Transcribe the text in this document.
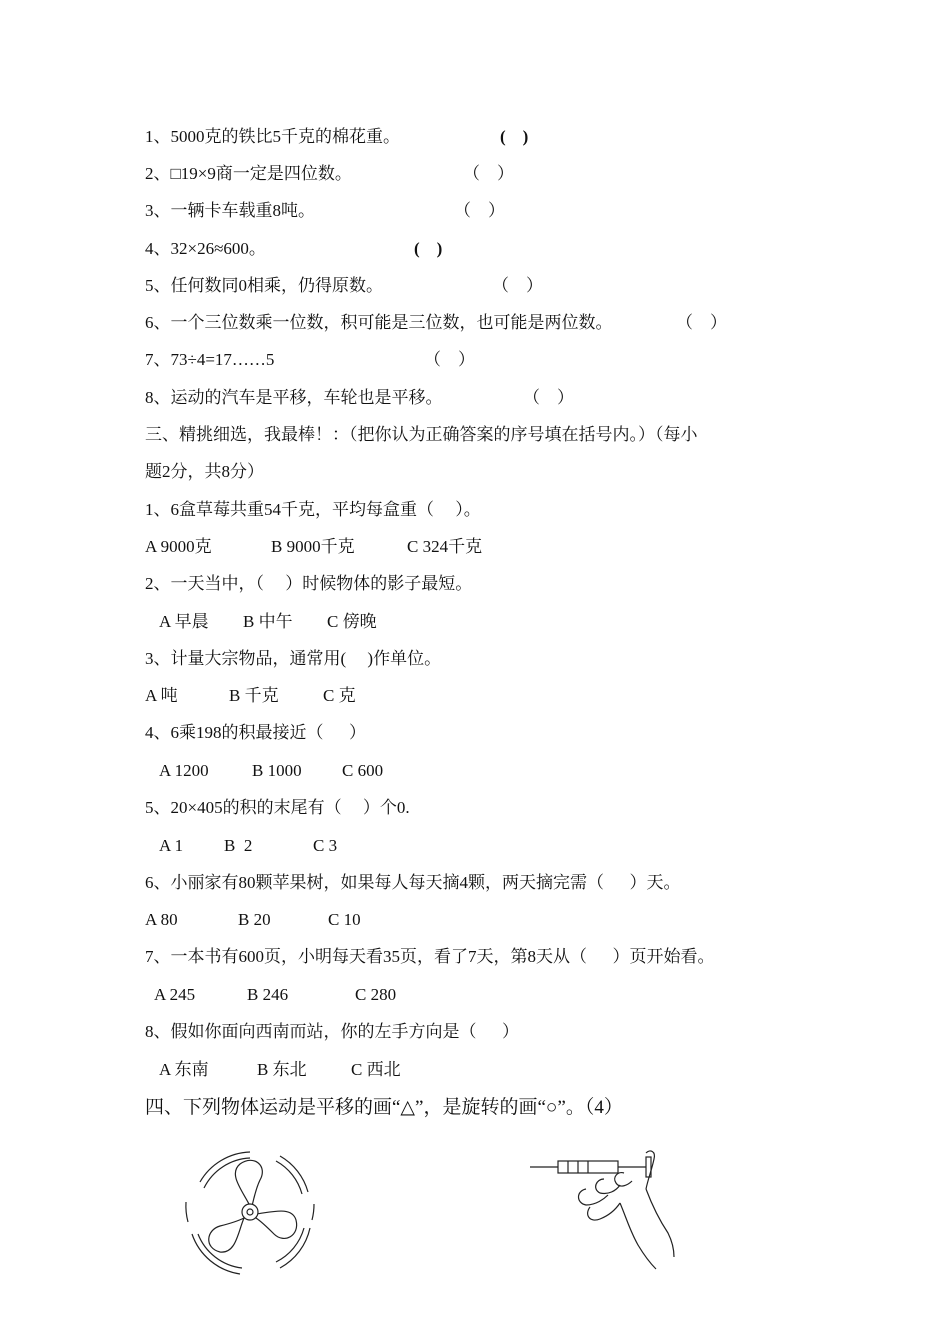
1、5000克的铁比5千克的棉花重。	(    )
2、□19×9商一定是四位数。	（    ）
3、一辆卡车载重8吨。	（    ）
4、32×26≈600。	(    )
5、任何数同0相乘，仍得原数。	（    ）
6、一个三位数乘一位数，积可能是三位数，也可能是两位数。	（    ）
7、73÷4=17……5	（    ）
8、运动的汽车是平移，车轮也是平移。	（    ）
三、精挑细选，我最棒！：（把你认为正确答案的序号填在括号内。）（每小
题2分，共8分）
1、6盒草莓共重54千克，平均每盒重（     ）。

A 9000克

	B 9000千克

	C 324千克

2、一天当中，（     ）时候物体的影子最短。

A 早晨

B 中午

C 傍晚

3、计量大宗物品，通常用(     )作单位。

A 吨

	B 千克

	C 克

4、6乘198的积最接近（      ）

A 1200

	B 1000

C 600

5、20×405的积的末尾有（     ）个0.

A 1

B  2

	C 3

6、小丽家有80颗苹果树，如果每人每天摘4颗，两天摘完需（      ）天。

A 80

	B 20

	C 10

7、一本书有600页，小明每天看35页，看了7天，第8天从（      ）页开始看。

A 245

	B 246

	C 280

8、假如你面向西南而站，你的左手方向是（      ）

A 东南

	B 东北

	C 西北

四、下列物体运动是平移的画“△”，是旋转的画“○”。（4）
